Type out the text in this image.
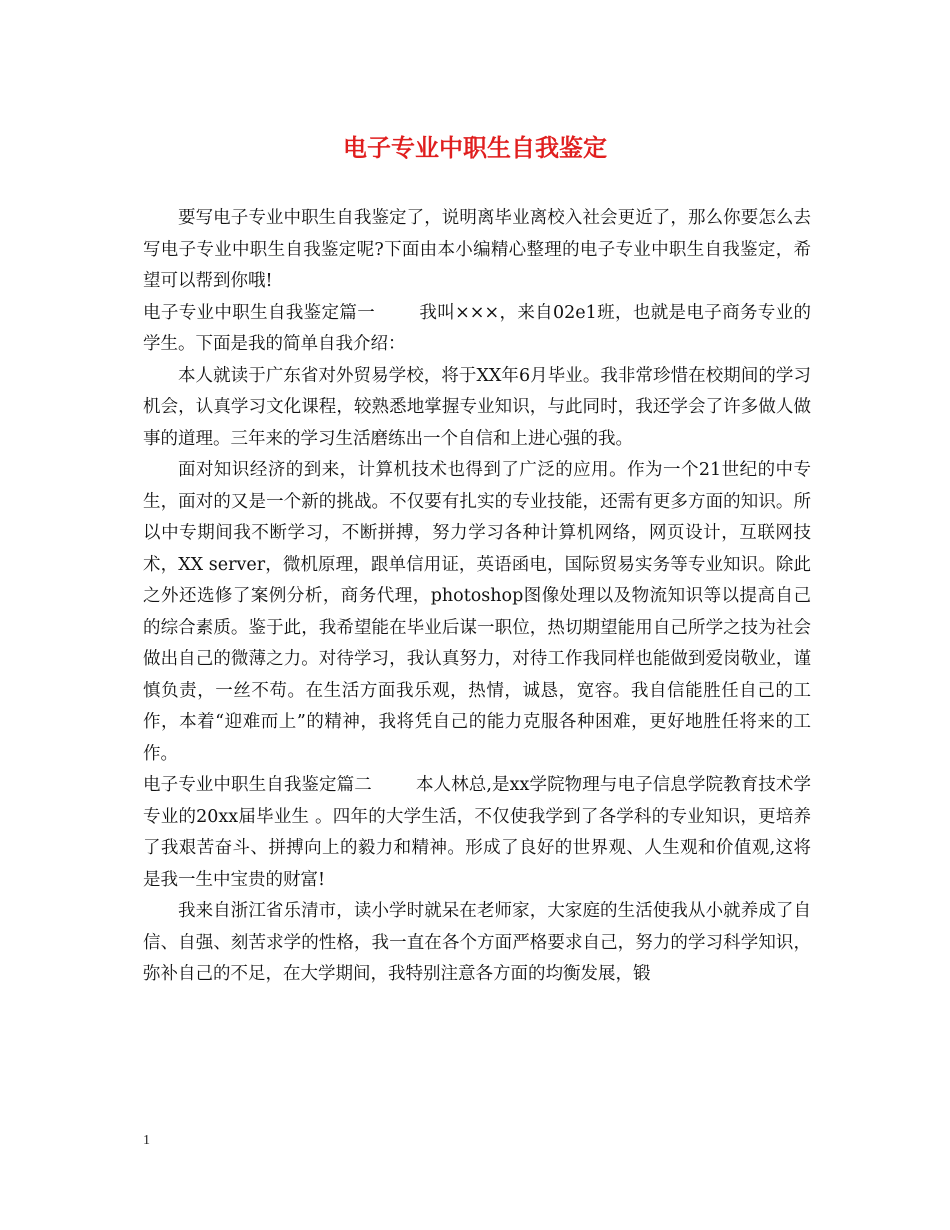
电子专业中职生自我鉴定

要写电子专业中职生自我鉴定了，说明离毕业离校入社会更近了，那么你要怎么去写电子专业中职生自我鉴定呢?下面由本小编精心整理的电子专业中职生自我鉴定，希望可以帮到你哦!

电子专业中职生自我鉴定篇一	我叫×××，来自02e1班，也就是电子商务专业的学生。下面是我的简单自我介绍：

本人就读于广东省对外贸易学校，将于XX年6月毕业。我非常珍惜在校期间的学习机会，认真学习文化课程，较熟悉地掌握专业知识，与此同时，我还学会了许多做人做事的道理。三年来的学习生活磨练出一个自信和上进心强的我。

面对知识经济的到来，计算机技术也得到了广泛的应用。作为一个21世纪的中专生，面对的又是一个新的挑战。不仅要有扎实的专业技能，还需有更多方面的知识。所以中专期间我不断学习，不断拼搏，努力学习各种计算机网络，网页设计，互联网技术，XX server，微机原理，跟单信用证，英语函电，国际贸易实务等专业知识。除此之外还选修了案例分析，商务代理，photoshop图像处理以及物流知识等以提高自己的综合素质。鉴于此，我希望能在毕业后谋一职位，热切期望能用自己所学之技为社会做出自己的微薄之力。对待学习，我认真努力，对待工作我同样也能做到爱岗敬业，谨慎负责，一丝不苟。在生活方面我乐观，热情，诚恳，宽容。我自信能胜任自己的工作，本着“迎难而上”的精神，我将凭自己的能力克服各种困难，更好地胜任将来的工作。

电子专业中职生自我鉴定篇二	本人林总,是xx学院物理与电子信息学院教育技术学专业的20xx届毕业生 。四年的大学生活，不仅使我学到了各学科的专业知识，更培养了我艰苦奋斗、拼搏向上的毅力和精神。形成了良好的世界观、人生观和价值观,这将是我一生中宝贵的财富!

我来自浙江省乐清市，读小学时就呆在老师家，大家庭的生活使我从小就养成了自信、自强、刻苦求学的性格，我一直在各个方面严格要求自己，努力的学习科学知识，弥补自己的不足，在大学期间，我特别注意各方面的均衡发展，锻

1
